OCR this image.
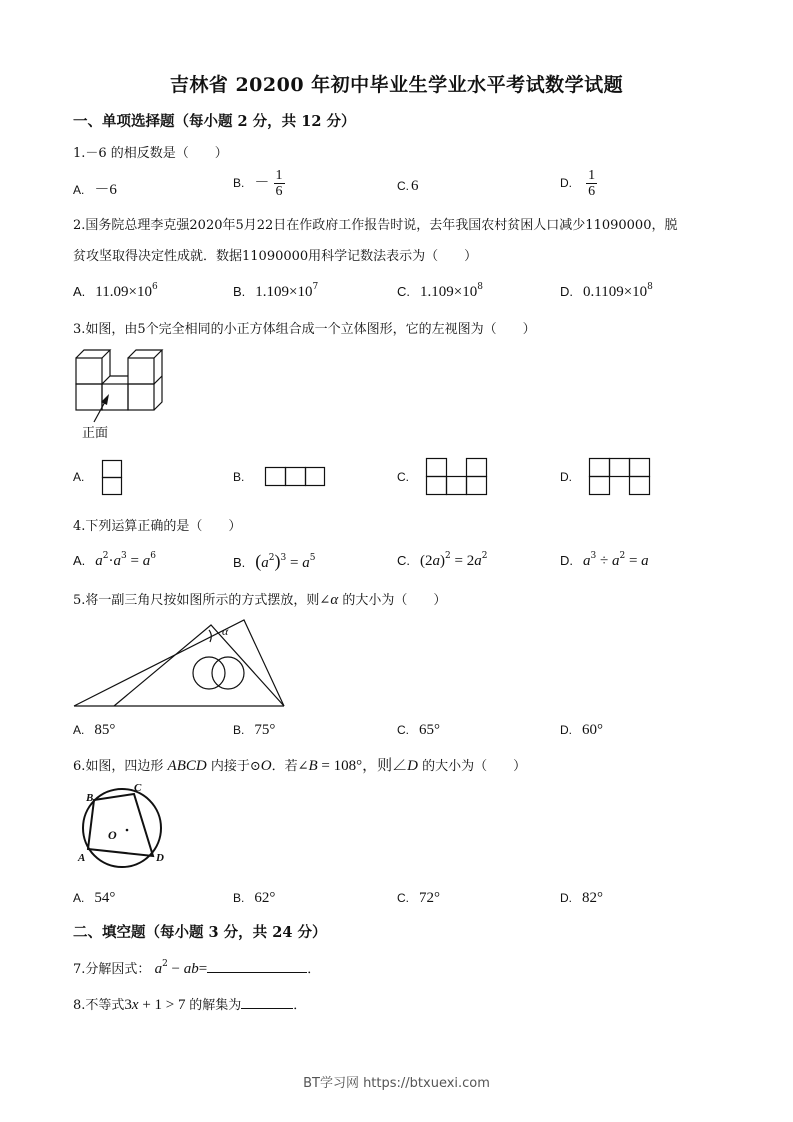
吉林省 20200 年初中毕业生学业水平考试数学试题
一、单项选择题（每小题 2 分，共 12 分）
1.－6 的相反数是（　　）
A. －6	B. － $\frac{1}{6}$	C. 6	D. $\frac{1}{6}$
2.国务院总理李克强2020年5月22日在作政府工作报告时说，去年我国农村贫困人口减少11090000，脱
贫攻坚取得决定性成就．数据11090000用科学记数法表示为（　　）
A. $11.09\times 10^6$	B. $1.109\times 10^7$	C. $1.109\times 10^8$	D. $0.1109\times 10^8$
3.如图，由5个完全相同的小正方体组合成一个立体图形，它的左视图为（　　）
正面
A.	B.	C.	D.
4.下列运算正确的是（　　）
A. $a^2\cdot a^3 = a^6$	B. $(a^2)^3 = a^5$	C. $(2a)^2 = 2a^2$	D. $a^3 \div a^2 = a$
5.将一副三角尺按如图所示的方式摆放，则∠α 的大小为（　　）
α
A. 85°	B. 75°	C. 65°	D. 60°
6.如图，四边形 ABCD 内接于⊙O．若∠B = 108°，则∠D 的大小为（　　）
B
C
A	D
O
A. 54°	B. 62°	C. 72°	D. 82°
二、填空题（每小题 3 分，共 24 分）
7.分解因式： $a^2 - ab=$	．
8.不等式3x + 1 > 7 的解集为	．
BT学习网 https://btxuexi.com
